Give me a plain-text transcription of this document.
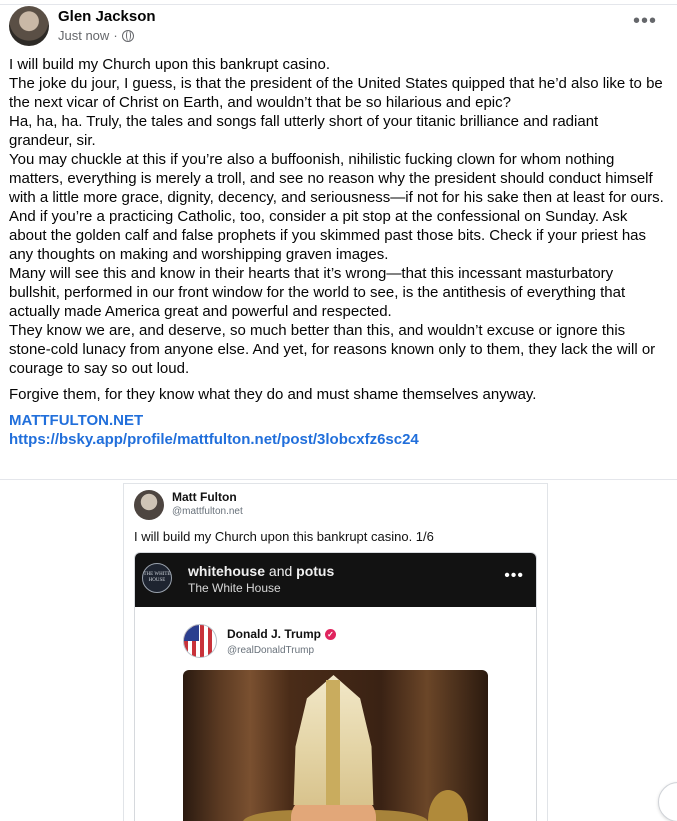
Glen Jackson
Just now ·
•••

I will build my Church upon this bankrupt casino.

The joke du jour, I guess, is that the president of the United States quipped that he’d also like to be the next vicar of Christ on Earth, and wouldn’t that be so hilarious and epic?

Ha, ha, ha. Truly, the tales and songs fall utterly short of your titanic brilliance and radiant grandeur, sir.

You may chuckle at this if you’re also a buffoonish, nihilistic fucking clown for whom nothing matters, everything is merely a troll, and see no reason why the president should conduct himself with a little more grace, dignity, decency, and seriousness—if not for his sake then at least for ours.

And if you’re a practicing Catholic, too, consider a pit stop at the confessional on Sunday. Ask about the golden calf and false prophets if you skimmed past those bits. Check if your priest has any thoughts on making and worshipping graven images.

Many will see this and know in their hearts that it’s wrong—that this incessant masturbatory bullshit, performed in our front window for the world to see, is the antithesis of everything that actually made America great and powerful and respected.

They know we are, and deserve, so much better than this, and wouldn’t excuse or ignore this stone-cold lunacy from anyone else. And yet, for reasons known only to them, they lack the will or courage to say so out loud.

Forgive them, for they know what they do and must shame themselves anyway.

MATTFULTON.NET
https://bsky.app/profile/mattfulton.net/post/3lobcxfz6sc24
Matt Fulton
@mattfulton.net
I will build my Church upon this bankrupt casino. 1/6
THE WHITE HOUSE
whitehouse and potus
The White House
•••
Donald J. Trump ✓
@realDonaldTrump
